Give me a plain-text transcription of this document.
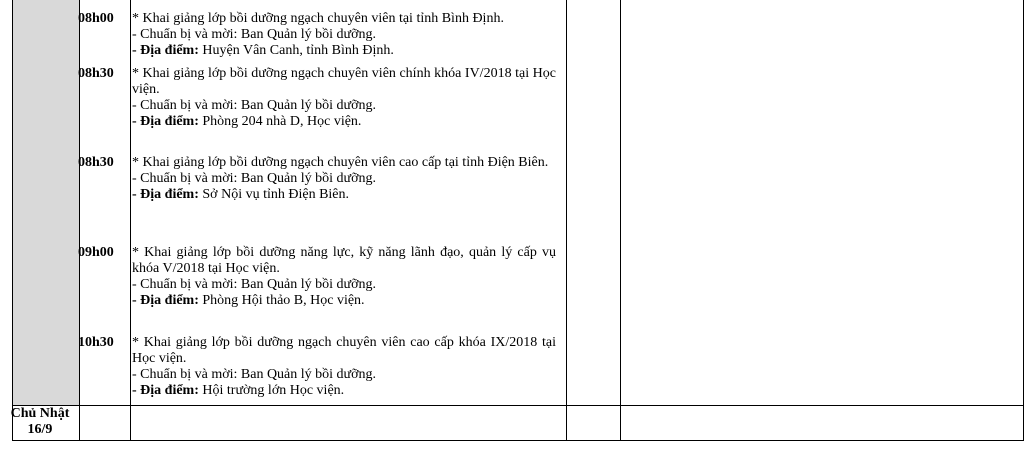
08h00 * Khai giảng lớp bồi dưỡng ngạch chuyên viên tại tỉnh Bình Định.
- Chuẩn bị và mời: Ban Quản lý bồi dưỡng.
- Địa điểm: Huyện Vân Canh, tỉnh Bình Định.
08h30 * Khai giảng lớp bồi dưỡng ngạch chuyên viên chính khóa IV/2018 tại Học viện.
- Chuẩn bị và mời: Ban Quản lý bồi dưỡng.
- Địa điểm: Phòng 204 nhà D, Học viện.
08h30 * Khai giảng lớp bồi dưỡng ngạch chuyên viên cao cấp tại tỉnh Điện Biên.
- Chuẩn bị và mời: Ban Quản lý bồi dưỡng.
- Địa điểm: Sở Nội vụ tỉnh Điện Biên.
09h00 * Khai giảng lớp bồi dưỡng năng lực, kỹ năng lãnh đạo, quản lý cấp vụ khóa V/2018 tại Học viện.
- Chuẩn bị và mời: Ban Quản lý bồi dưỡng.
- Địa điểm: Phòng Hội thảo B, Học viện.
10h30 * Khai giảng lớp bồi dưỡng ngạch chuyên viên cao cấp khóa IX/2018 tại Học viện.
- Chuẩn bị và mời: Ban Quản lý bồi dưỡng.
- Địa điểm: Hội trường lớn Học viện.
Chủ Nhật
16/9
